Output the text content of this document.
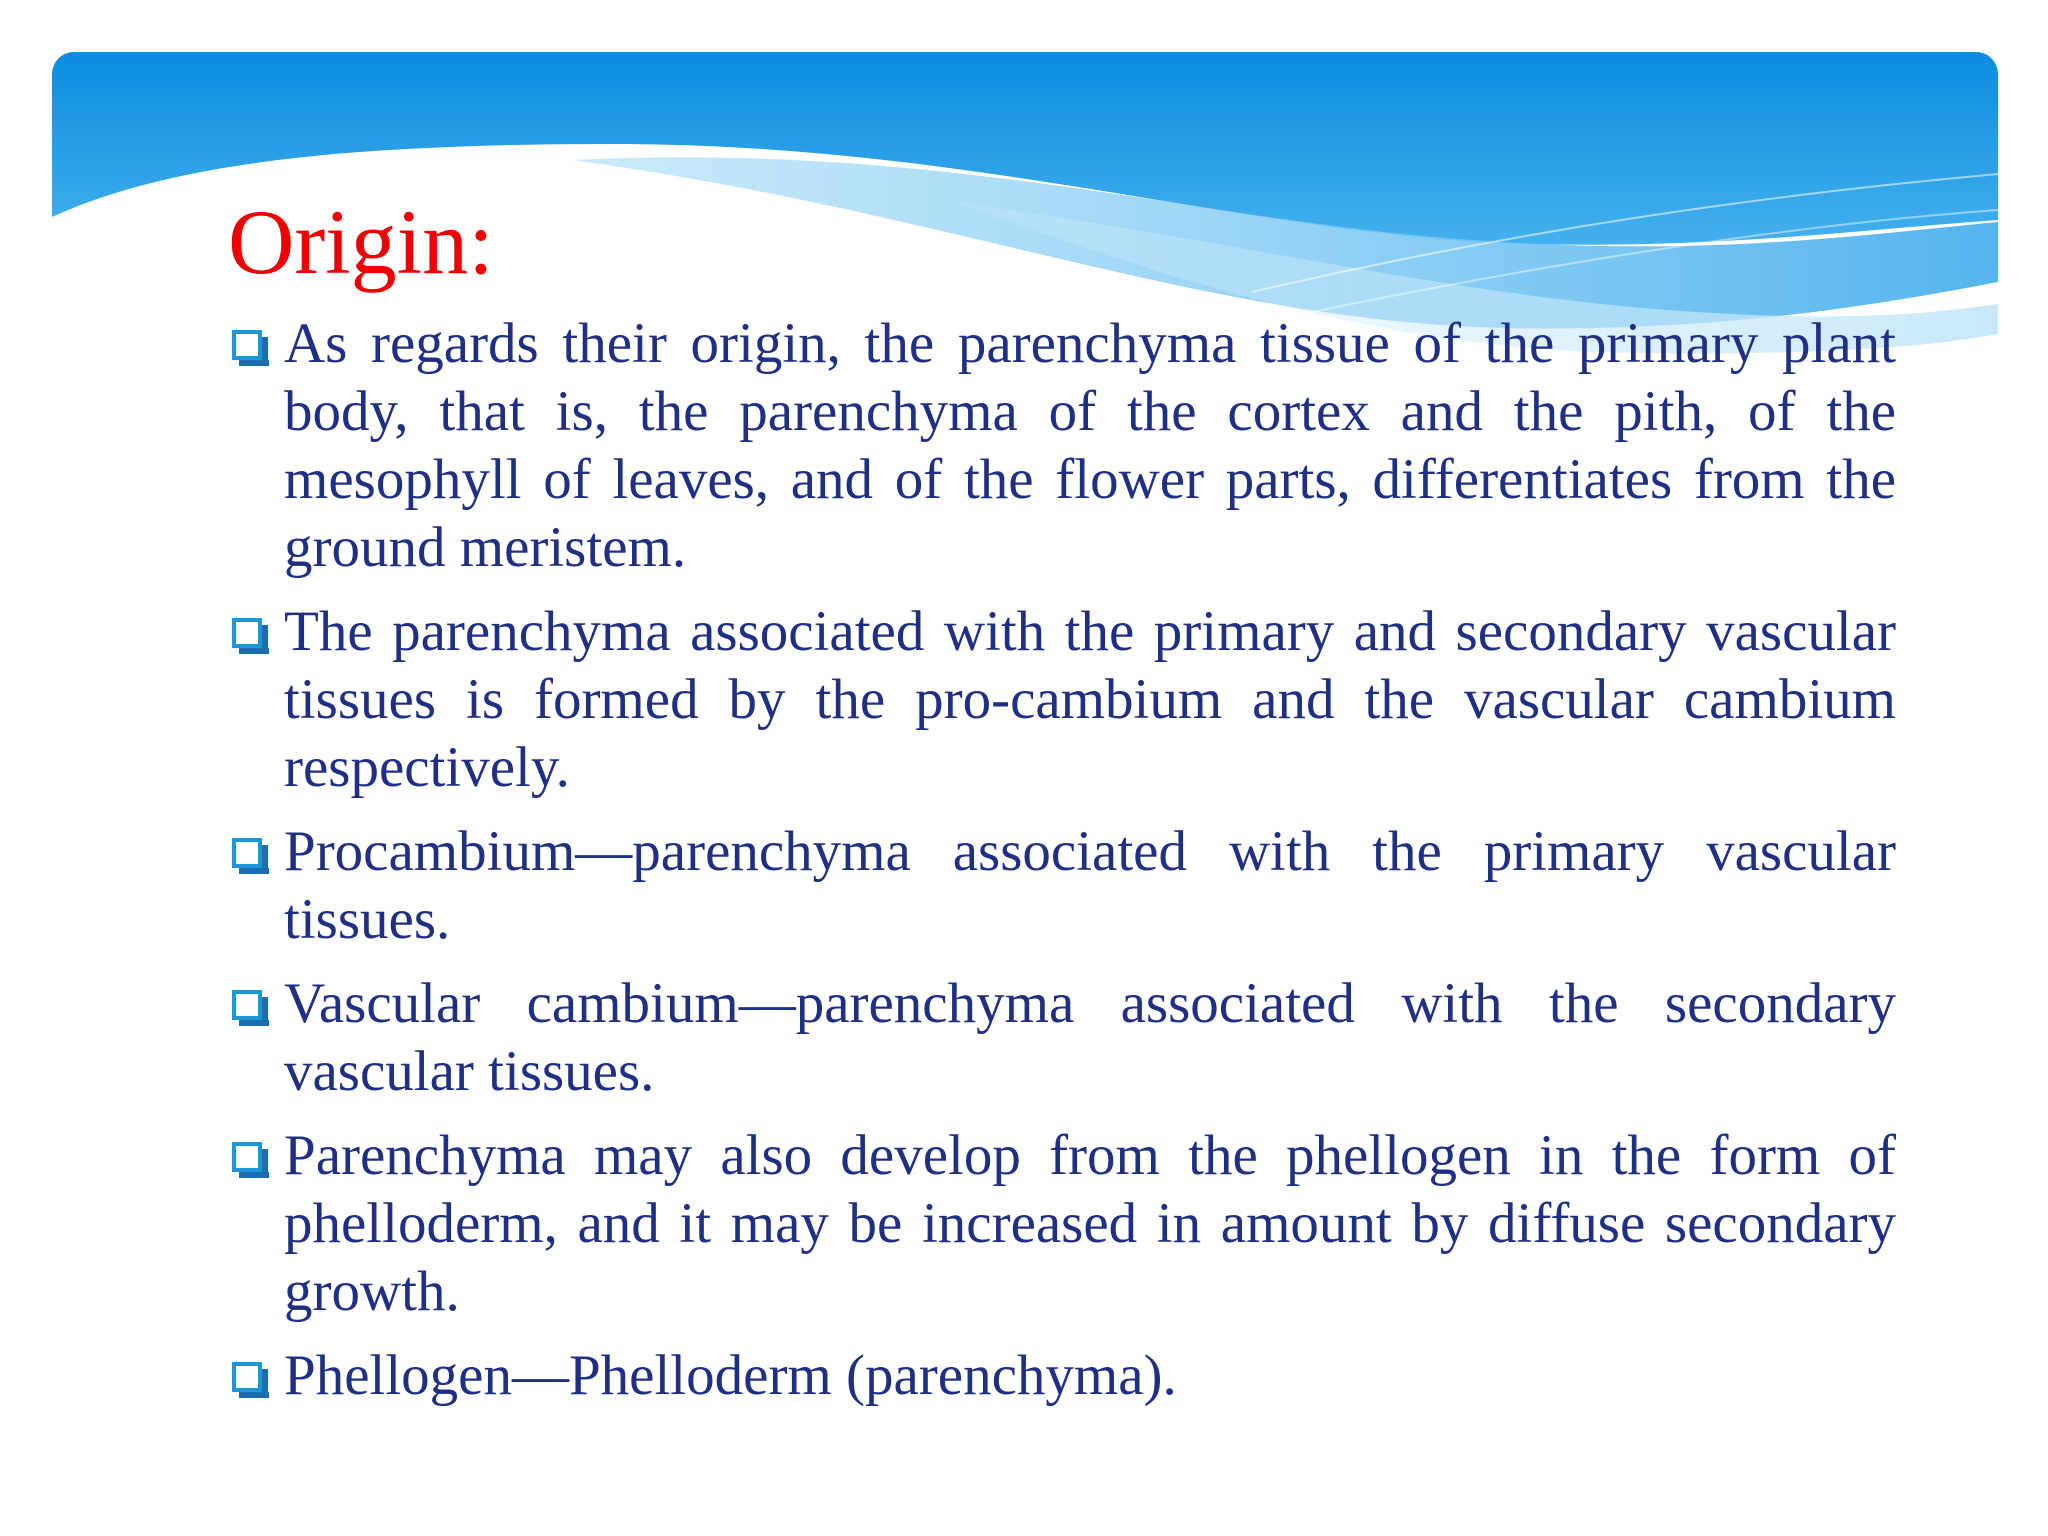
Origin:
As regards their origin, the parenchyma tissue of the primary plant body, that is, the parenchyma of the cortex and the pith, of the mesophyll of leaves, and of the flower parts, differentiates from the ground meristem.
The parenchyma associated with the primary and secondary vascular tissues is formed by the pro-cambium and the vascular cambium respectively.
Procambium—parenchyma associated with the primary vascular tissues.
Vascular cambium—parenchyma associated with the secondary vascular tissues.
Parenchyma may also develop from the phellogen in the form of phelloderm, and it may be increased in amount by diffuse secondary growth.
Phellogen—Phelloderm (parenchyma).
